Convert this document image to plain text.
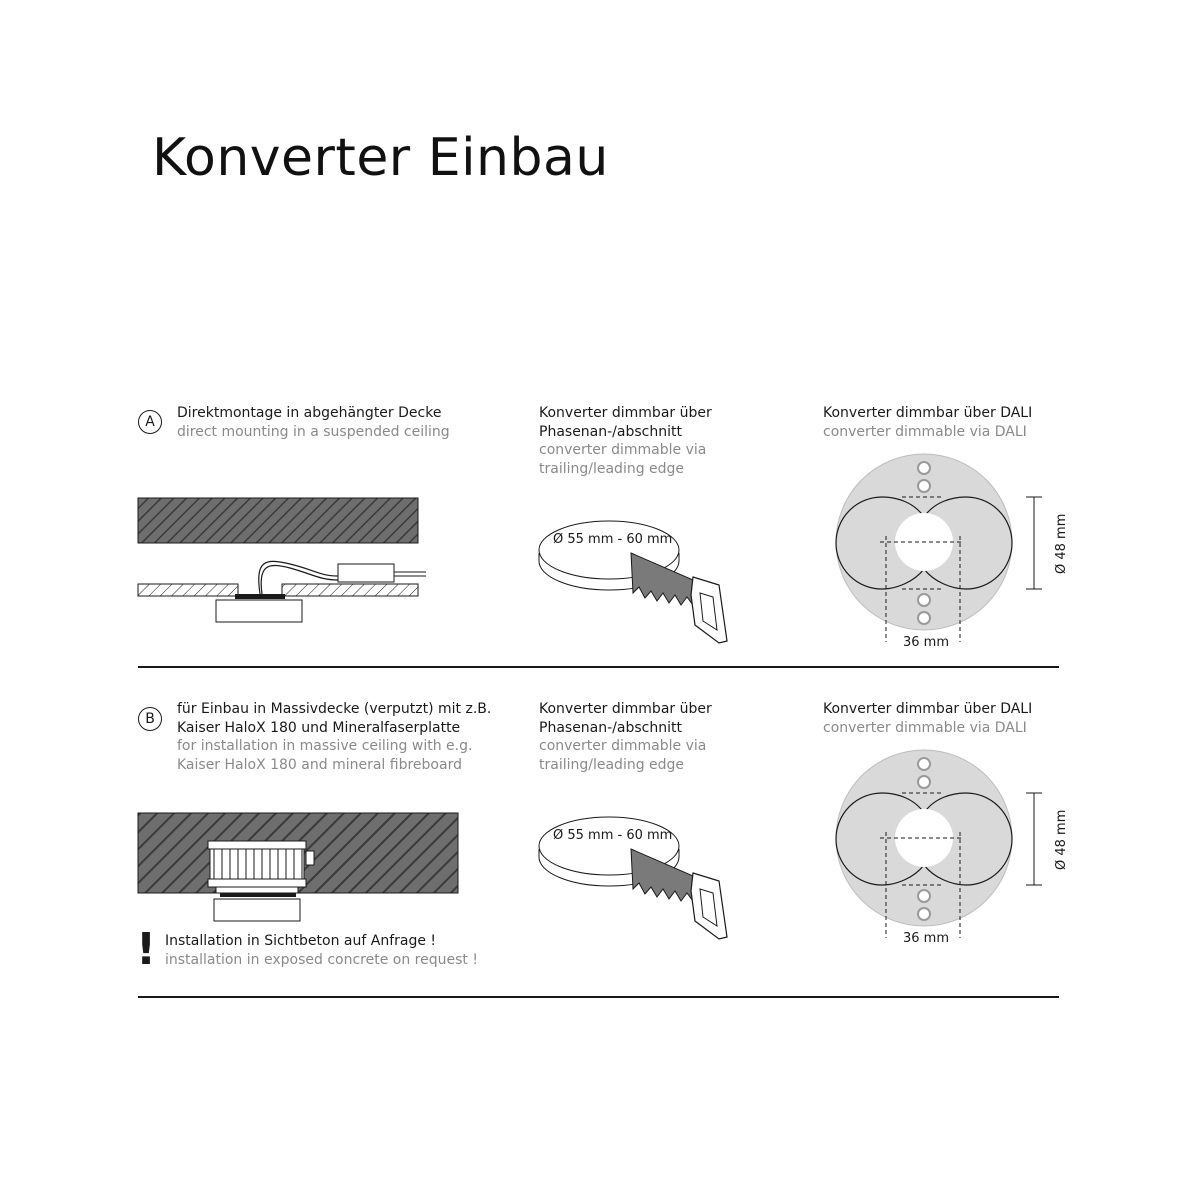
Konverter Einbau
A
Direktmontage in abgehängter Decke
direct mounting in a suspended ceiling
Konverter dimmbar über
Phasenan-/abschnitt
converter dimmable via
trailing/leading edge
Konverter dimmbar über DALI
converter dimmable via DALI
Ø 55 mm - 60 mm	Ø 48 mm
36 mm
B
für Einbau in Massivdecke (verputzt) mit z.B.
Kaiser HaloX 180 und Mineralfaserplatte
for installation in massive ceiling with e.g.
Kaiser HaloX 180 and mineral fibreboard
Konverter dimmbar über
Phasenan-/abschnitt
converter dimmable via
trailing/leading edge
Konverter dimmbar über DALI
converter dimmable via DALI
! Installation in Sichtbeton auf Anfrage !
installation in exposed concrete on request !
Ø 55 mm - 60 mm	Ø 48 mm
36 mm
